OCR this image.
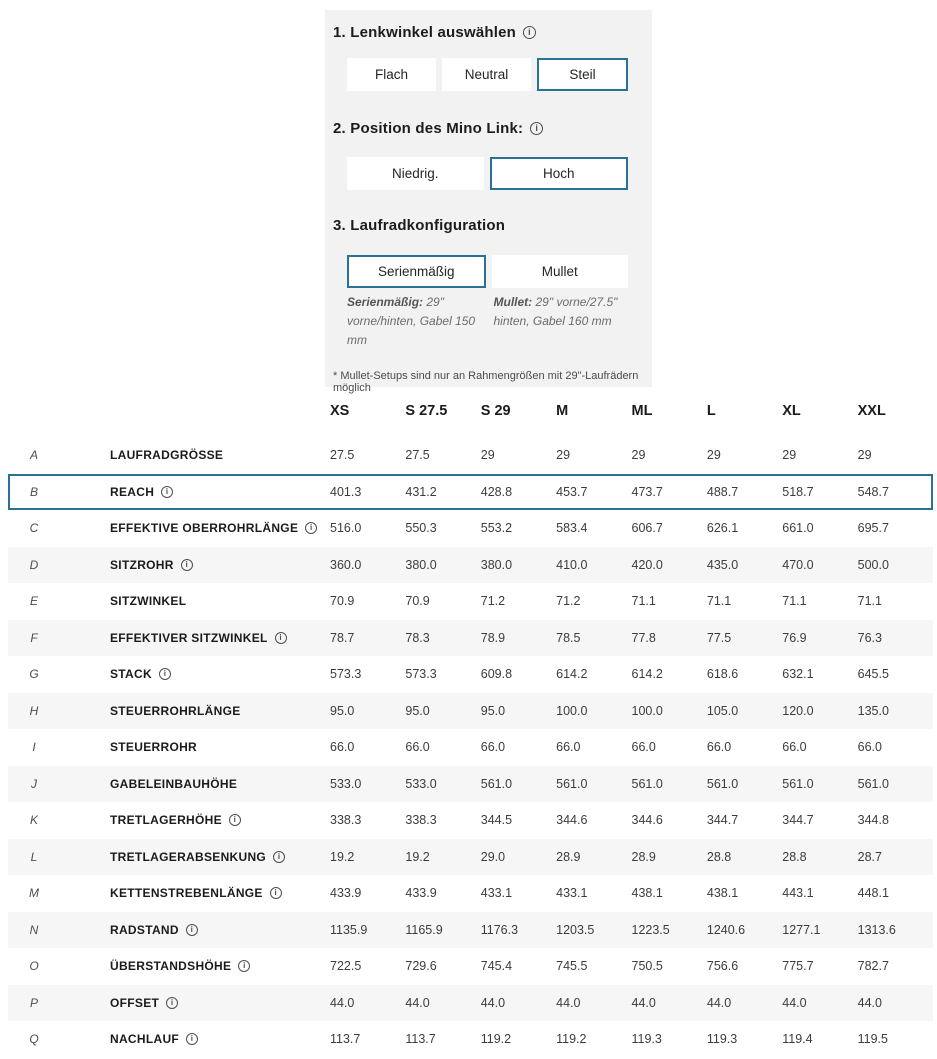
1. Lenkwinkel auswählen	i
Flach	Neutral	Steil
2. Position des Mino Link:	i
Niedrig.	Hoch
3. Laufradkonfiguration
Serienmäßig	Mullet
Serienmäßig: 29" vorne/hinten, Gabel 150 mm
Mullet: 29" vorne/27.5" hinten, Gabel 160 mm
* Mullet-Setups sind nur an Rahmengrößen mit 29"-Laufrädern möglich
XS	S 27.5	S 29	M	ML	L	XL	XXL
A	LAUFRADGRÖSSE	27.5	27.5	29	29	29	29	29	29
B	REACH	i	401.3	431.2	428.8	453.7	473.7	488.7	518.7	548.7
C	EFFEKTIVE OBERROHRLÄNGE	i	516.0	550.3	553.2	583.4	606.7	626.1	661.0	695.7
D	SITZROHR	i	360.0	380.0	380.0	410.0	420.0	435.0	470.0	500.0
E	SITZWINKEL	70.9	70.9	71.2	71.2	71.1	71.1	71.1	71.1
F	EFFEKTIVER SITZWINKEL	i	78.7	78.3	78.9	78.5	77.8	77.5	76.9	76.3
G	STACK	i	573.3	573.3	609.8	614.2	614.2	618.6	632.1	645.5
H	STEUERROHRLÄNGE	95.0	95.0	95.0	100.0	100.0	105.0	120.0	135.0
I	STEUERROHR	66.0	66.0	66.0	66.0	66.0	66.0	66.0	66.0
J	GABELEINBAUHÖHE	533.0	533.0	561.0	561.0	561.0	561.0	561.0	561.0
K	TRETLAGERHÖHE	i	338.3	338.3	344.5	344.6	344.6	344.7	344.7	344.8
L	TRETLAGERABSENKUNG	i	19.2	19.2	29.0	28.9	28.9	28.8	28.8	28.7
M	KETTENSTREBENLÄNGE	i	433.9	433.9	433.1	433.1	438.1	438.1	443.1	448.1
N	RADSTAND	i	1135.9	1165.9	1176.3	1203.5	1223.5	1240.6	1277.1	1313.6
O	ÜBERSTANDSHÖHE	i	722.5	729.6	745.4	745.5	750.5	756.6	775.7	782.7
P	OFFSET	i	44.0	44.0	44.0	44.0	44.0	44.0	44.0	44.0
Q	NACHLAUF	i	113.7	113.7	119.2	119.2	119.3	119.3	119.4	119.5
